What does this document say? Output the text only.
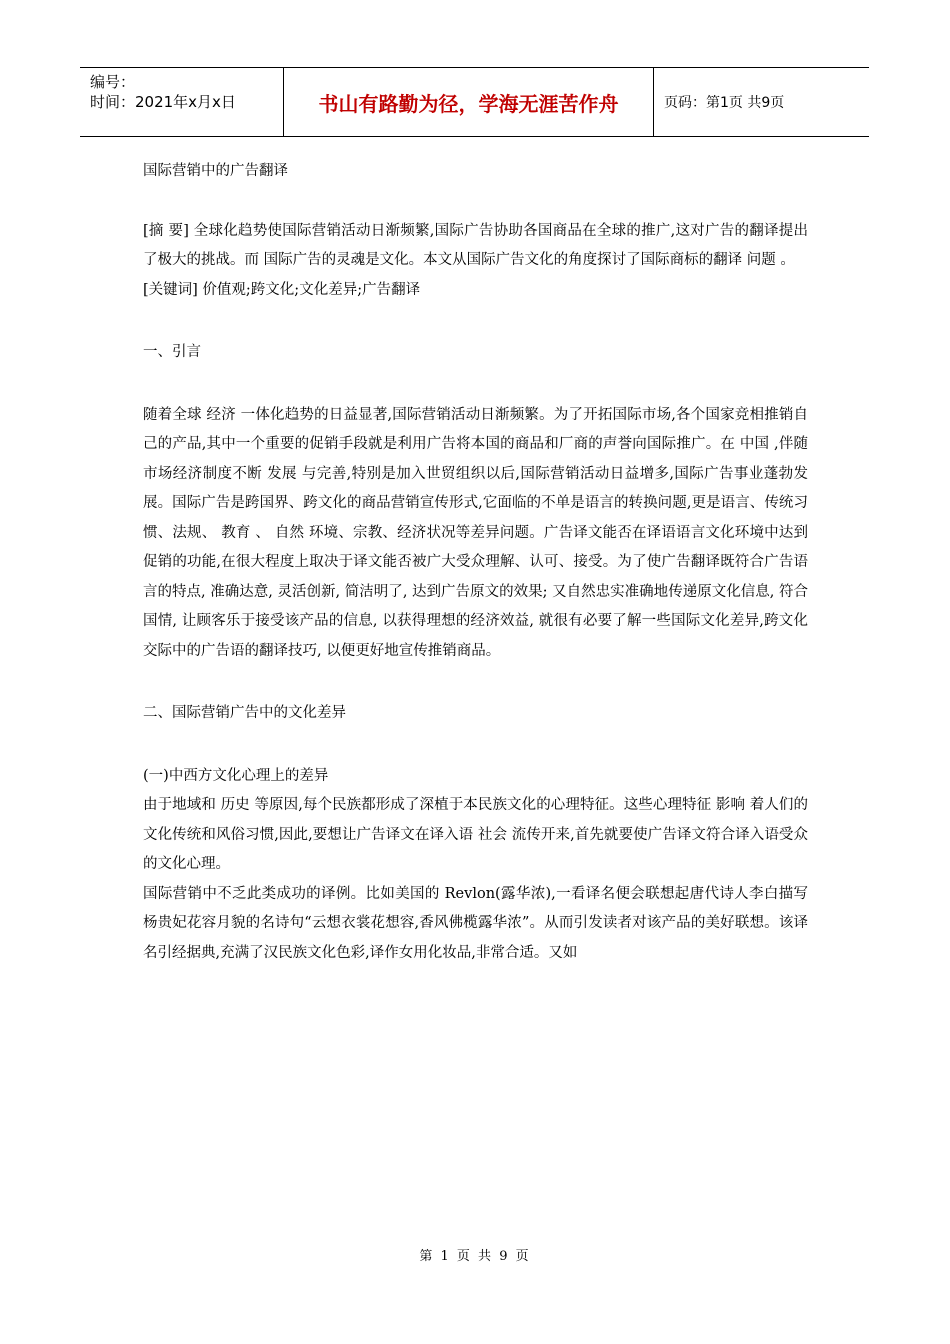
编号：
时间：2021年x月x日	书山有路勤为径，学海无涯苦作舟	页码：第1页 共9页

国际营销中的广告翻译

[摘 要] 全球化趋势使国际营销活动日渐频繁,国际广告协助各国商品在全球的推广,这对广告的翻译提出了极大的挑战。而 国际广告的灵魂是文化。本文从国际广告文化的角度探讨了国际商标的翻译 问题 。

[关键词] 价值观;跨文化;文化差异;广告翻译

一、引言

随着全球 经济 一体化趋势的日益显著,国际营销活动日渐频繁。为了开拓国际市场,各个国家竞相推销自己的产品,其中一个重要的促销手段就是利用广告将本国的商品和厂商的声誉向国际推广。在 中国 ,伴随市场经济制度不断 发展 与完善,特别是加入世贸组织以后,国际营销活动日益增多,国际广告事业蓬勃发展。国际广告是跨国界、跨文化的商品营销宣传形式,它面临的不单是语言的转换问题,更是语言、传统习惯、法规、 教育 、 自然 环境、宗教、经济状况等差异问题。广告译文能否在译语语言文化环境中达到促销的功能,在很大程度上取决于译文能否被广大受众理解、认可、接受。为了使广告翻译既符合广告语言的特点, 准确达意, 灵活创新, 简洁明了, 达到广告原文的效果; 又自然忠实准确地传递原文化信息, 符合国情, 让顾客乐于接受该产品的信息, 以获得理想的经济效益, 就很有必要了解一些国际文化差异,跨文化交际中的广告语的翻译技巧, 以便更好地宣传推销商品。

二、国际营销广告中的文化差异

(一)中西方文化心理上的差异

由于地域和 历史 等原因,每个民族都形成了深植于本民族文化的心理特征。这些心理特征 影响 着人们的文化传统和风俗习惯,因此,要想让广告译文在译入语 社会 流传开来,首先就要使广告译文符合译入语受众的文化心理。

国际营销中不乏此类成功的译例。比如美国的 Revlon(露华浓),一看译名便会联想起唐代诗人李白描写杨贵妃花容月貌的名诗句“云想衣裳花想容,香风佛榄露华浓”。从而引发读者对该产品的美好联想。该译名引经据典,充满了汉民族文化色彩,译作女用化妆品,非常合适。又如

第 1 页 共 9 页
